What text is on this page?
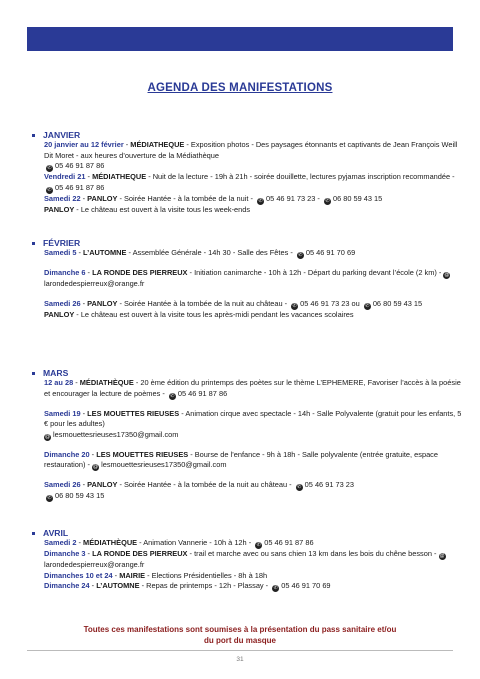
AGENDA DES MANIFESTATIONS
JANVIER
20 janvier au 12 février - MÉDIATHEQUE - Exposition photos - Des paysages étonnants et captivants de Jean François Weill Dit Moret - aux heures d’ouverture de la Médiathèque
✆ 05 46 91 87 86
Vendredi 21 - MÉDIATHEQUE - Nuit de la lecture - 19h à 21h - soirée douillette, lectures pyjamas inscription recommandée - ✆ 05 46 91 87 86
Samedi 22 - PANLOY - Soirée Hantée - à la tombée de la nuit - ✆ 05 46 91 73 23 - ✆ 06 80 59 43 15
PANLOY - Le château est ouvert à la visite tous les week-ends
FÉVRIER
Samedi 5 - L’AUTOMNE - Assemblée Générale - 14h 30 - Salle des Fêtes - ✆ 05 46 91 70 69
Dimanche 6 - LA RONDE DES PIERREUX - Initiation canimarche - 10h à 12h - Départ du parking devant l’école (2 km) - @larondedespierreux@orange.fr
Samedi 26 - PANLOY - Soirée Hantée à la tombée de la nuit au château - ✆ 05 46 91 73 23 ou ✆ 06 80 59 43 15
PANLOY - Le château est ouvert à la visite tous les après-midi pendant les vacances scolaires
MARS
12 au 28 - MÉDIATHÈQUE - 20 ème édition du printemps des poètes sur le thème L’EPHEMERE, Favoriser l’accès à la poésie et encourager la lecture de poèmes - ✆ 05 46 91 87 86
Samedi 19 - LES MOUETTES RIEUSES - Animation cirque avec spectacle - 14h - Salle Polyvalente (gratuit pour les enfants, 5 € pour les adultes)
@ lesmouettesrieuses17350@gmail.com
Dimanche 20 - LES MOUETTES RIEUSES - Bourse de l’enfance - 9h à 18h - Salle polyvalente (entrée gratuite, espace restauration) - @ lesmouettesrieuses17350@gmail.com
Samedi 26 - PANLOY - Soirée Hantée - à la tombée de la nuit au château - ✆ 05 46 91 73 23
✆ 06 80 59 43 15
AVRIL
Samedi 2 - MÉDIATHÈQUE - Animation Vannerie - 10h à 12h - ✆ 05 46 91 87 86
Dimanche 3 - LA RONDE DES PIERREUX - trail et marche avec ou sans chien 13 km dans les bois du chêne besson - @larondedespierreux@orange.fr
Dimanches 10 et 24 - MAIRIE - Elections Présidentielles - 8h à 18h
Dimanche 24 - L’AUTOMNE - Repas de printemps - 12h - Plassay - ✆ 05 46 91 70 69
Toutes ces manifestations sont soumises à la présentation du pass sanitaire et/ou
du port du masque
31
